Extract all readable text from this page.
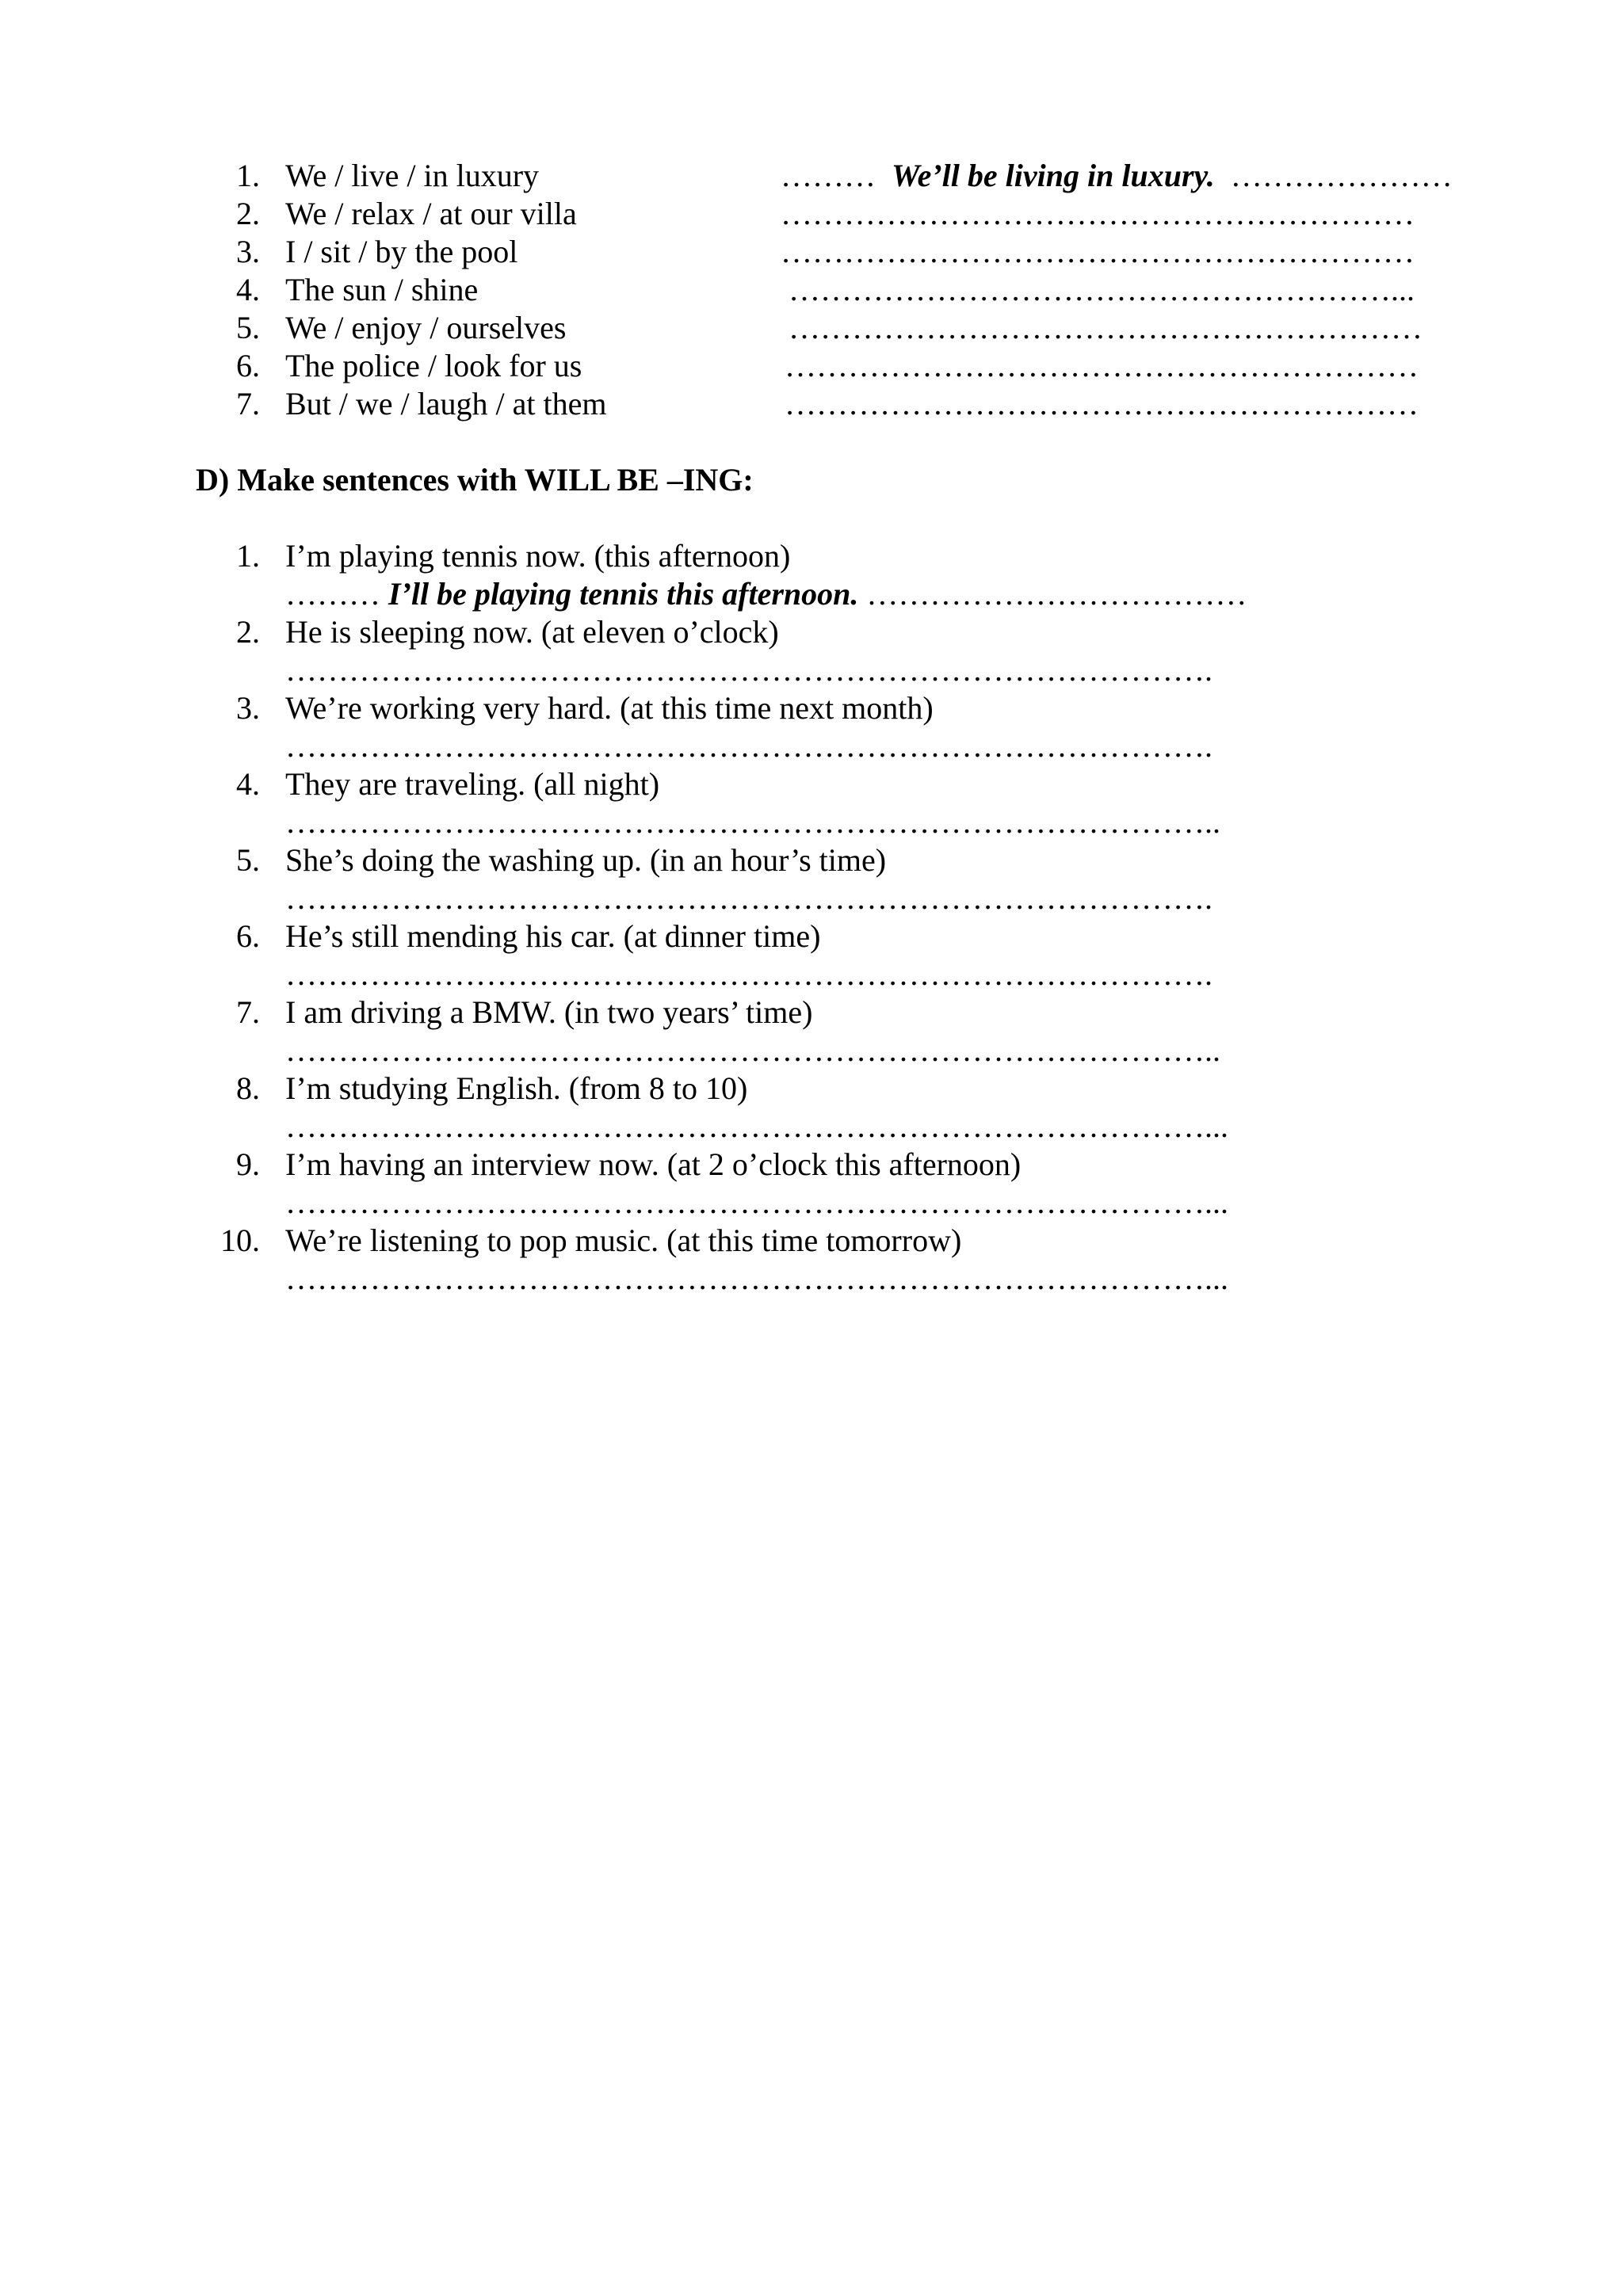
1. We / live / in luxury	……… We’ll be living in luxury. …………………
2. We / relax / at our villa	……………………………………………………
3. I / sit / by the pool	……………………………………………………
4. The sun / shine	…………………………………………………...
5. We / enjoy / ourselves	……………………………………………………
6. The police / look for us	……………………………………………………
7. But / we / laugh / at them	……………………………………………………
D) Make sentences with WILL BE –ING:
1. I’m playing tennis now. (this afternoon)
……… I’ll be playing tennis this afternoon. ………………………………
2. He is sleeping now. (at eleven o’clock)
…………………………………………………………………………….
3. We’re working very hard. (at this time next month)
…………………………………………………………………………….
4. They are traveling. (all night)
……………………………………………………………………………..
5. She’s doing the washing up. (in an hour’s time)
…………………………………………………………………………….
6. He’s still mending his car. (at dinner time)
…………………………………………………………………………….
7. I am driving a BMW. (in two years’ time)
……………………………………………………………………………..
8. I’m studying English. (from 8 to 10)
……………………………………………………………………………...
9. I’m having an interview now. (at 2 o’clock this afternoon)
……………………………………………………………………………...
10. We’re listening to pop music. (at this time tomorrow)
……………………………………………………………………………...
